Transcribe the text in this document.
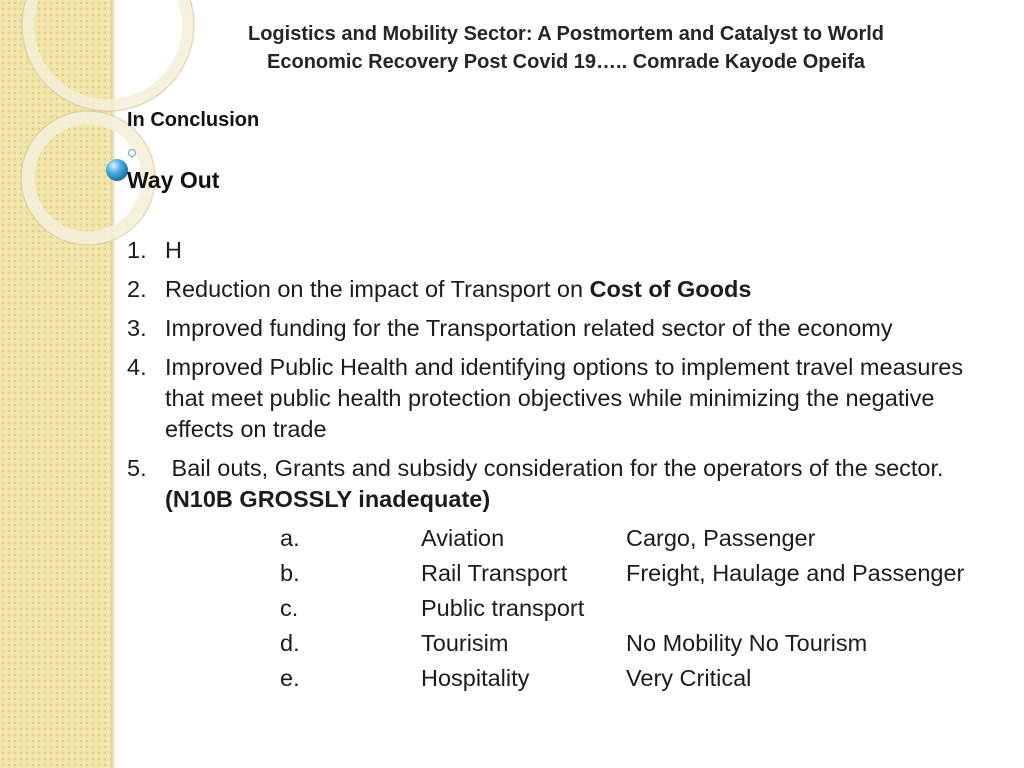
Logistics and Mobility Sector: A Postmortem and Catalyst to World
Economic Recovery Post Covid 19….. Comrade Kayode Opeifa
In Conclusion
Way Out
1. H
2. Reduction on the impact of Transport on Cost of Goods
3. Improved funding for the Transportation related sector of the economy
4. Improved Public Health and identifying options to implement travel measures that meet public health protection objectives while minimizing the negative effects on trade
5. Bail outs, Grants and subsidy consideration for the operators of the sector. (N10B GROSSLY inadequate)
a.	Aviation	Cargo, Passenger
b.	Rail Transport	Freight, Haulage and Passenger
c.	Public transport	
d.	Tourisim	No Mobility No Tourism
e.	Hospitality	Very Critical
